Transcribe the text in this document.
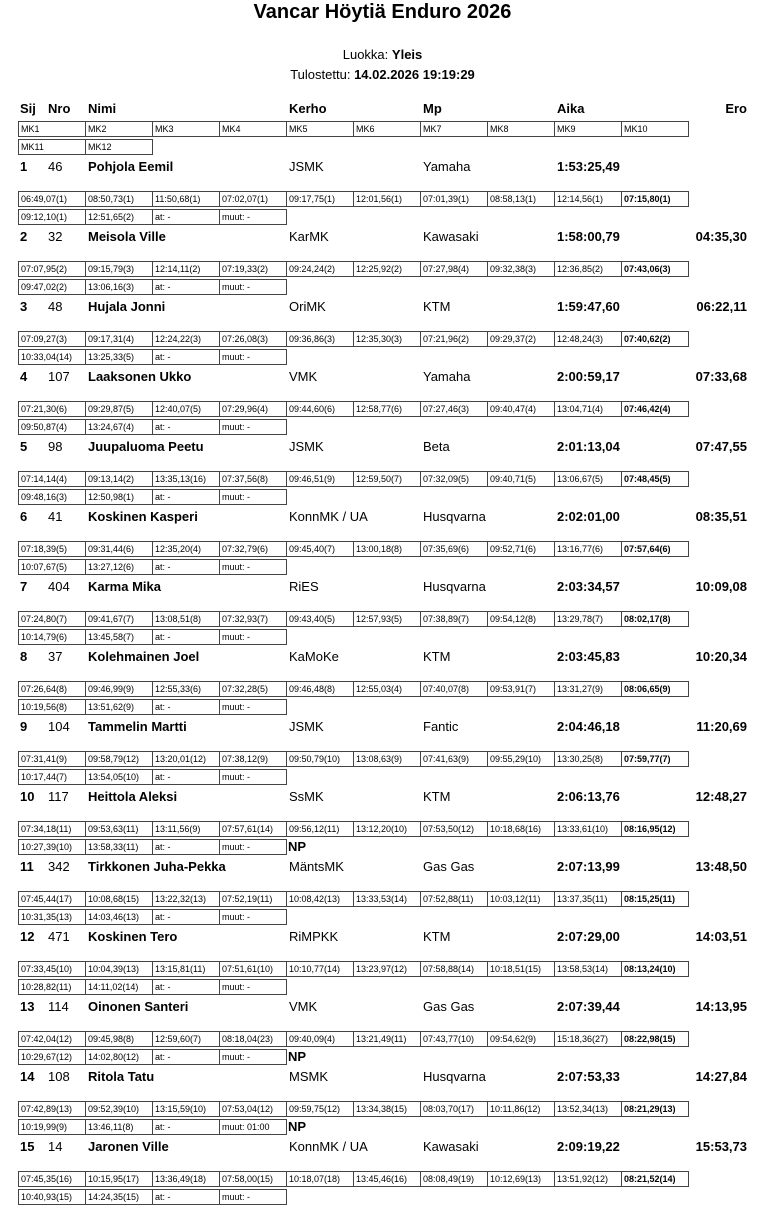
Vancar Höytiä Enduro 2026
Luokka: Yleis
Tulostettu: 14.02.2026 19:19:29
Sij Nro Nimi	Kerho	Mp	Aika	Ero
MK1	MK2	MK3	MK4	MK5	MK6	MK7	MK8	MK9	MK10
MK11	MK12
1 46 Pohjola Eemil	JSMK	Yamaha	1:53:25,49
06:49,07(1)	08:50,73(1)	11:50,68(1)	07:02,07(1)	09:17,75(1)	12:01,56(1)	07:01,39(1)	08:58,13(1)	12:14,56(1)	07:15,80(1)
09:12,10(1)	12:51,65(2)	at: -	muut: -
2 32 Meisola Ville	KarMK	Kawasaki	1:58:00,79	04:35,30
07:07,95(2)	09:15,79(3)	12:14,11(2)	07:19,33(2)	09:24,24(2)	12:25,92(2)	07:27,98(4)	09:32,38(3)	12:36,85(2)	07:43,06(3)
09:47,02(2)	13:06,16(3)	at: -	muut: -
3 48 Hujala Jonni	OriMK	KTM	1:59:47,60	06:22,11
07:09,27(3)	09:17,31(4)	12:24,22(3)	07:26,08(3)	09:36,86(3)	12:35,30(3)	07:21,96(2)	09:29,37(2)	12:48,24(3)	07:40,62(2)
10:33,04(14)	13:25,33(5)	at: -	muut: -
4 107 Laaksonen Ukko	VMK	Yamaha	2:00:59,17	07:33,68
07:21,30(6)	09:29,87(5)	12:40,07(5)	07:29,96(4)	09:44,60(6)	12:58,77(6)	07:27,46(3)	09:40,47(4)	13:04,71(4)	07:46,42(4)
09:50,87(4)	13:24,67(4)	at: -	muut: -
5 98 Juupaluoma Peetu	JSMK	Beta	2:01:13,04	07:47,55
07:14,14(4)	09:13,14(2)	13:35,13(16)	07:37,56(8)	09:46,51(9)	12:59,50(7)	07:32,09(5)	09:40,71(5)	13:06,67(5)	07:48,45(5)
09:48,16(3)	12:50,98(1)	at: -	muut: -
6 41 Koskinen Kasperi	KonnMK / UA	Husqvarna	2:02:01,00	08:35,51
07:18,39(5)	09:31,44(6)	12:35,20(4)	07:32,79(6)	09:45,40(7)	13:00,18(8)	07:35,69(6)	09:52,71(6)	13:16,77(6)	07:57,64(6)
10:07,67(5)	13:27,12(6)	at: -	muut: -
7 404 Karma Mika	RiES	Husqvarna	2:03:34,57	10:09,08
07:24,80(7)	09:41,67(7)	13:08,51(8)	07:32,93(7)	09:43,40(5)	12:57,93(5)	07:38,89(7)	09:54,12(8)	13:29,78(7)	08:02,17(8)
10:14,79(6)	13:45,58(7)	at: -	muut: -
8 37 Kolehmainen Joel	KaMoKe	KTM	2:03:45,83	10:20,34
07:26,64(8)	09:46,99(9)	12:55,33(6)	07:32,28(5)	09:46,48(8)	12:55,03(4)	07:40,07(8)	09:53,91(7)	13:31,27(9)	08:06,65(9)
10:19,56(8)	13:51,62(9)	at: -	muut: -
9 104 Tammelin Martti	JSMK	Fantic	2:04:46,18	11:20,69
07:31,41(9)	09:58,79(12)	13:20,01(12)	07:38,12(9)	09:50,79(10)	13:08,63(9)	07:41,63(9)	09:55,29(10)	13:30,25(8)	07:59,77(7)
10:17,44(7)	13:54,05(10)	at: -	muut: -
10 117 Heittola Aleksi	SsMK	KTM	2:06:13,76	12:48,27
07:34,18(11)	09:53,63(11)	13:11,56(9)	07:57,61(14)	09:56,12(11)	13:12,20(10)	07:53,50(12)	10:18,68(16)	13:33,61(10)	08:16,95(12)
10:27,39(10)	13:58,33(11)	at: -	muut: -	NP
11 342 Tirkkonen Juha-Pekka	MäntsMK	Gas Gas	2:07:13,99	13:48,50
07:45,44(17)	10:08,68(15)	13:22,32(13)	07:52,19(11)	10:08,42(13)	13:33,53(14)	07:52,88(11)	10:03,12(11)	13:37,35(11)	08:15,25(11)
10:31,35(13)	14:03,46(13)	at: -	muut: -
12 471 Koskinen Tero	RiMPKK	KTM	2:07:29,00	14:03,51
07:33,45(10)	10:04,39(13)	13:15,81(11)	07:51,61(10)	10:10,77(14)	13:23,97(12)	07:58,88(14)	10:18,51(15)	13:58,53(14)	08:13,24(10)
10:28,82(11)	14:11,02(14)	at: -	muut: -
13 114 Oinonen Santeri	VMK	Gas Gas	2:07:39,44	14:13,95
07:42,04(12)	09:45,98(8)	12:59,60(7)	08:18,04(23)	09:40,09(4)	13:21,49(11)	07:43,77(10)	09:54,62(9)	15:18,36(27)	08:22,98(15)
10:29,67(12)	14:02,80(12)	at: -	muut: -	NP
14 108 Ritola Tatu	MSMK	Husqvarna	2:07:53,33	14:27,84
07:42,89(13)	09:52,39(10)	13:15,59(10)	07:53,04(12)	09:59,75(12)	13:34,38(15)	08:03,70(17)	10:11,86(12)	13:52,34(13)	08:21,29(13)
10:19,99(9)	13:46,11(8)	at: -	muut: 01:00	NP
15 14 Jaronen Ville	KonnMK / UA	Kawasaki	2:09:19,22	15:53,73
07:45,35(16)	10:15,95(17)	13:36,49(18)	07:58,00(15)	10:18,07(18)	13:45,46(16)	08:08,49(19)	10:12,69(13)	13:51,92(12)	08:21,52(14)
10:40,93(15)	14:24,35(15)	at: -	muut: -
